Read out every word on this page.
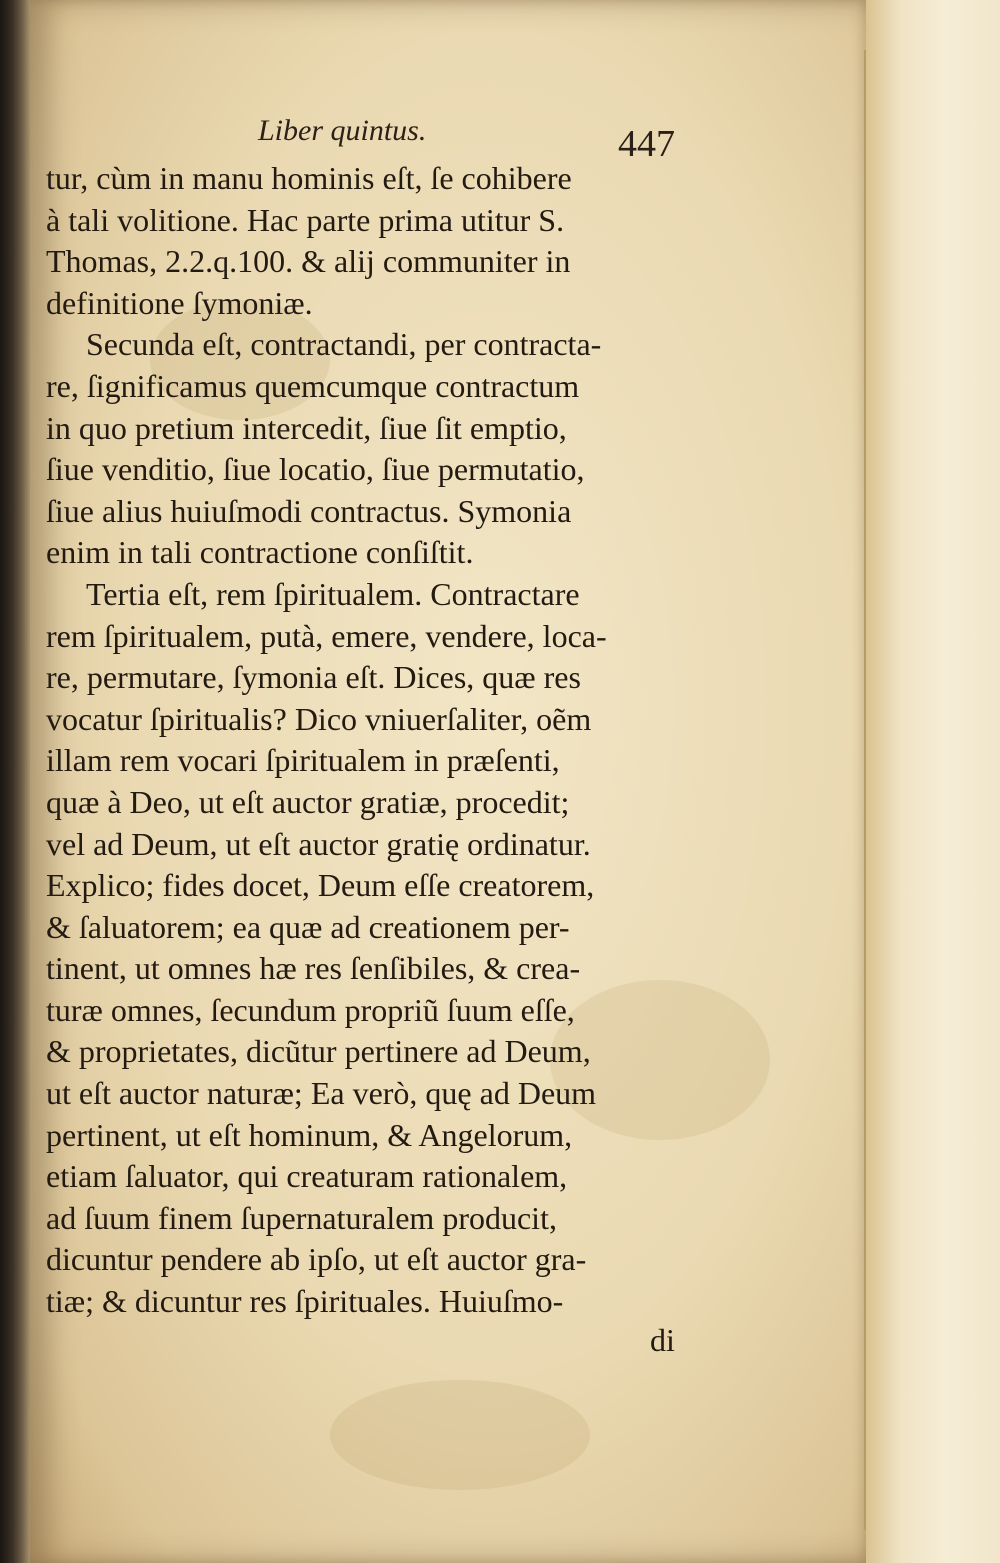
Liber quintus.	447
tur, cùm in manu hominis eſt, ſe cohibere
à tali volitione. Hac parte prima utitur S.
Thomas, 2.2.q.100. & alij communiter in
definitione ſymoniæ.
Secunda eſt, contractandi, per contracta-
re, ſignificamus quemcumque contractum
in quo pretium intercedit, ſiue ſit emptio,
ſiue venditio, ſiue locatio, ſiue permutatio,
ſiue alius huiuſmodi contractus. Symonia
enim in tali contractione conſiſtit.
Tertia eſt, rem ſpiritualem. Contractare
rem ſpiritualem, putà, emere, vendere, loca-
re, permutare, ſymonia eſt. Dices, quæ res
vocatur ſpiritualis? Dico vniuerſaliter, oẽm
illam rem vocari ſpiritualem in præſenti,
quæ à Deo, ut eſt auctor gratiæ, procedit;
vel ad Deum, ut eſt auctor gratię ordinatur.
Explico; fides docet, Deum eſſe creatorem,
& ſaluatorem; ea quæ ad creationem per-
tinent, ut omnes hæ res ſenſibiles, & crea-
turæ omnes, ſecundum propriũ ſuum eſſe,
& proprietates, dicũtur pertinere ad Deum,
ut eſt auctor naturæ; Ea verò, quę ad Deum
pertinent, ut eſt hominum, & Angelorum,
etiam ſaluator, qui creaturam rationalem,
ad ſuum finem ſupernaturalem producit,
dicuntur pendere ab ipſo, ut eſt auctor gra-
tiæ; & dicuntur res ſpirituales. Huiuſmo-
di
